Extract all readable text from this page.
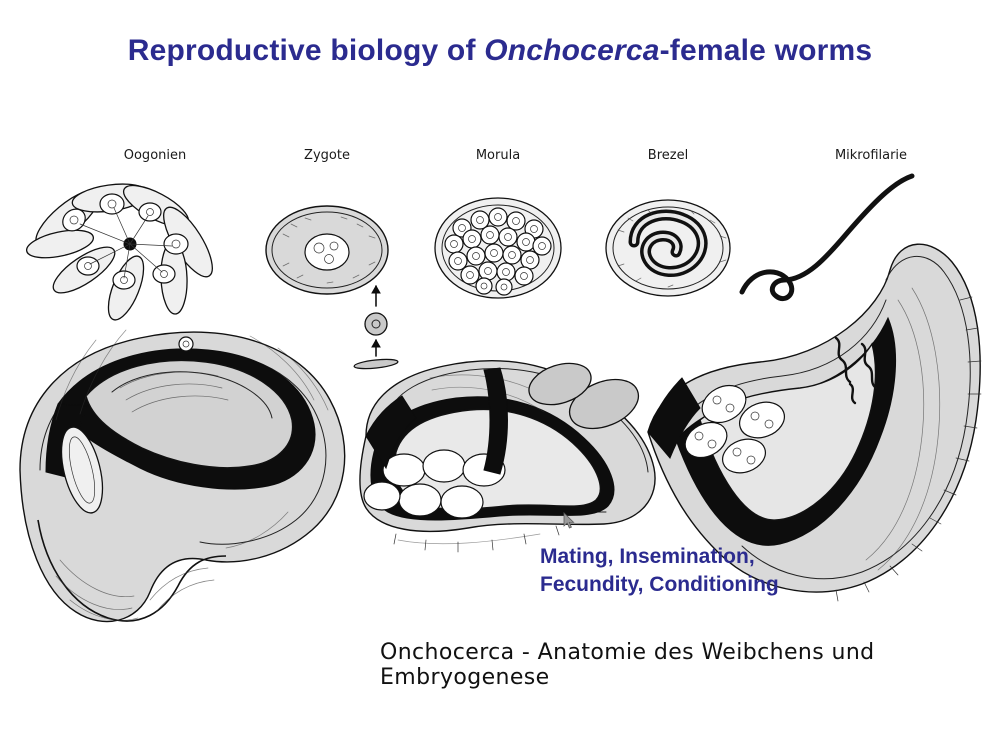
Reproductive biology of Onchocerca-female worms
Oogonien	Zygote	Morula	Brezel	Mikrofilarie
Mating, Insemination,
Fecundity, Conditioning
Onchocerca - Anatomie des Weibchens und Embryogenese
